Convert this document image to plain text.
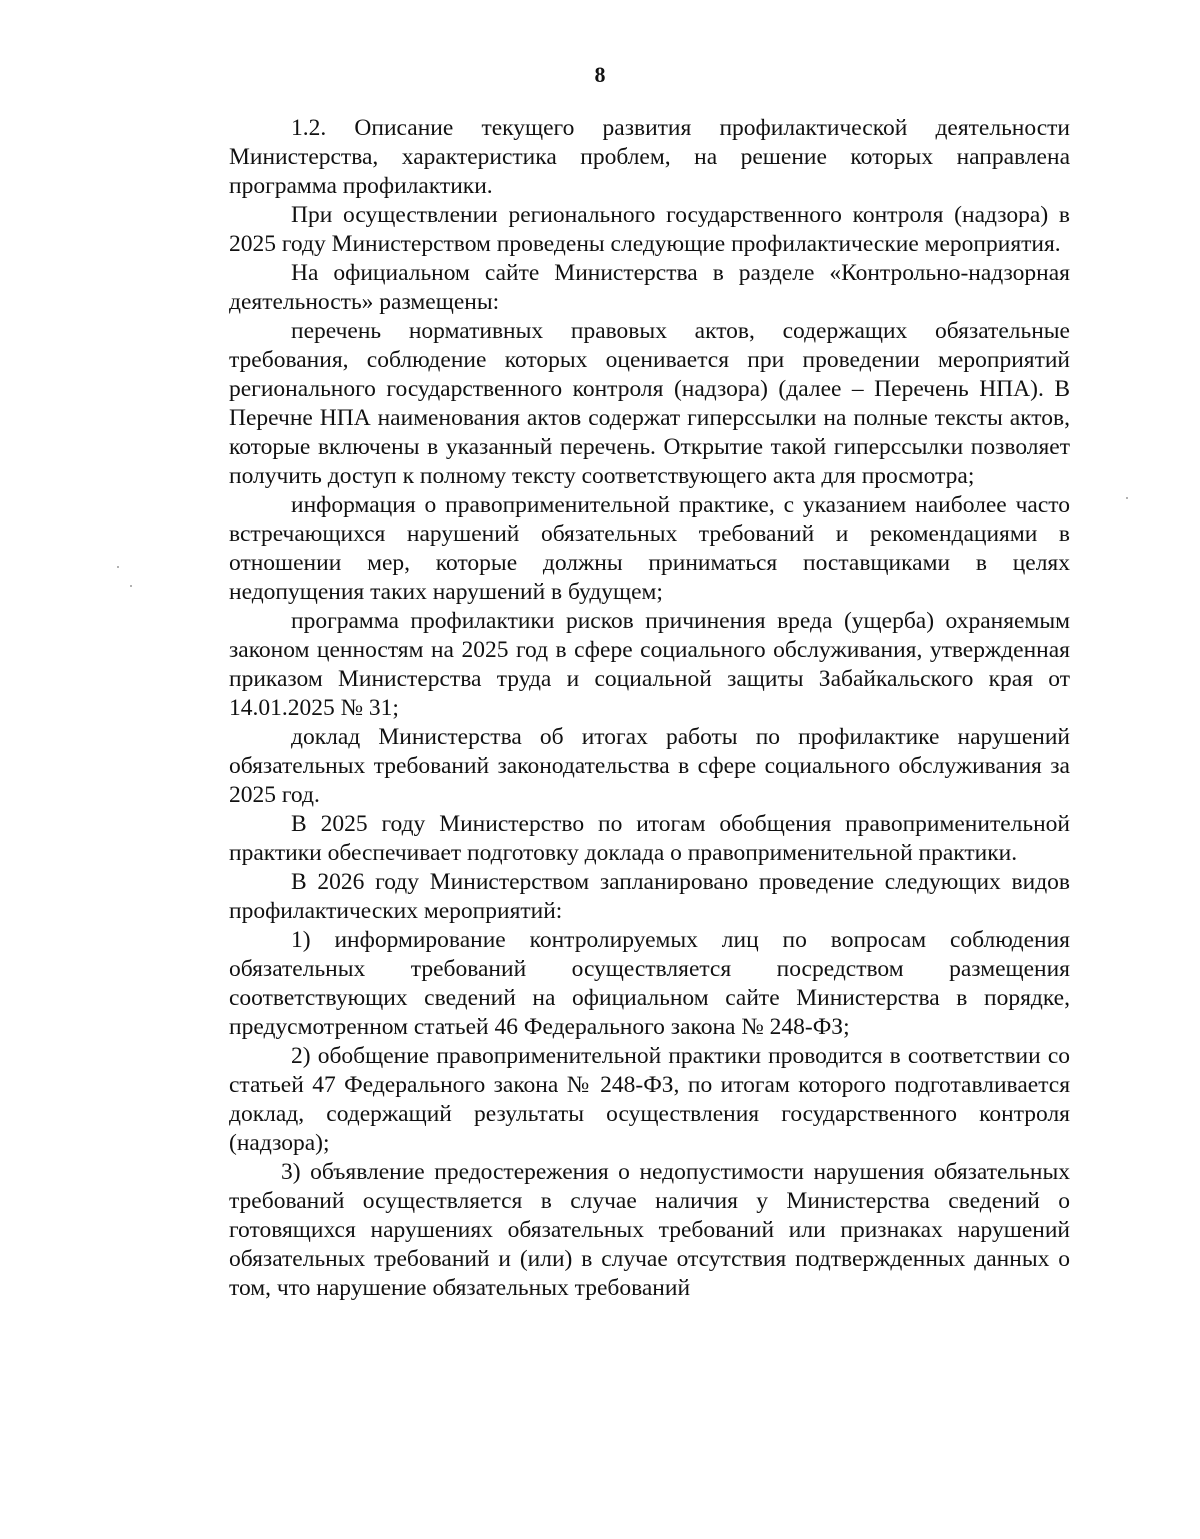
8

1.2. Описание текущего развития профилактической деятельности Министерства, характеристика проблем, на решение которых направлена программа профилактики.

При осуществлении регионального государственного контроля (надзора) в 2025 году Министерством проведены следующие профилактические мероприятия.

На официальном сайте Министерства в разделе «Контрольно-надзорная деятельность» размещены:

перечень нормативных правовых актов, содержащих обязательные требования, соблюдение которых оценивается при проведении мероприятий регионального государственного контроля (надзора) (далее – Перечень НПА). В Перечне НПА наименования актов содержат гиперссылки на полные тексты актов, которые включены в указанный перечень. Открытие такой гиперссылки позволяет получить доступ к полному тексту соответствующего акта для просмотра;

информация о правоприменительной практике, с указанием наиболее часто встречающихся нарушений обязательных требований и рекомендациями в отношении мер, которые должны приниматься поставщиками в целях недопущения таких нарушений в будущем;

программа профилактики рисков причинения вреда (ущерба) охраняемым законом ценностям на 2025 год в сфере социального обслуживания, утвержденная приказом Министерства труда и социальной защиты Забайкальского края от 14.01.2025 № 31;

доклад Министерства об итогах работы по профилактике нарушений обязательных требований законодательства в сфере социального обслуживания за 2025 год.

В 2025 году Министерство по итогам обобщения правоприменительной практики обеспечивает подготовку доклада о правоприменительной практики.

В 2026 году Министерством запланировано проведение следующих видов профилактических мероприятий:

1) информирование контролируемых лиц по вопросам соблюдения обязательных требований осуществляется посредством размещения соответствующих сведений на официальном сайте Министерства в порядке, предусмотренном статьей 46 Федерального закона № 248-ФЗ;

2) обобщение правоприменительной практики проводится в соответствии со статьей 47 Федерального закона № 248-ФЗ, по итогам которого подготавливается доклад, содержащий результаты осуществления государственного контроля (надзора);

3) объявление предостережения о недопустимости нарушения обязательных требований осуществляется в случае наличия у Министерства сведений о готовящихся нарушениях обязательных требований или признаках нарушений обязательных требований и (или) в случае отсутствия подтвержденных данных о том, что нарушение обязательных требований
